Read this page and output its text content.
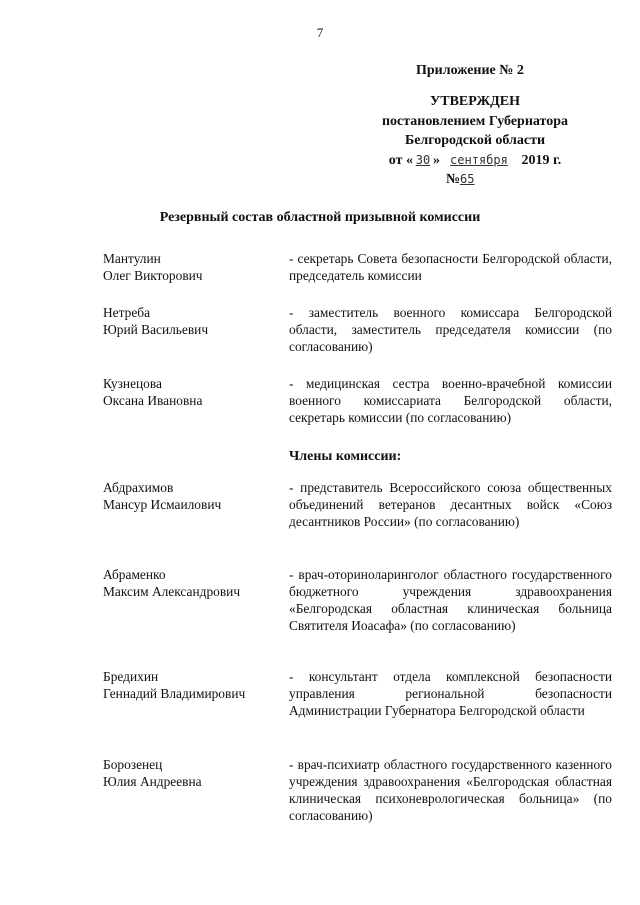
7
Приложение № 2
УТВЕРЖДЕН
постановлением Губернатора
Белгородской области
от « 30 » сентября 2019 г.
№65
Резервный состав областной призывной комиссии
Мантулин
Олег Викторович
- секретарь Совета безопасности Белгородской области, председатель комиссии
Нетреба
Юрий Васильевич
- заместитель военного комиссара Белгородской области, заместитель председателя комиссии (по согласованию)
Кузнецова
Оксана Ивановна
- медицинская сестра военно-врачебной комиссии военного комиссариата Белгородской области, секретарь комиссии (по согласованию)
Члены комиссии:
Абдрахимов
Мансур Исмаилович
- представитель Всероссийского союза общественных объединений ветеранов десантных войск «Союз десантников России» (по согласованию)
Абраменко
Максим Александрович
- врач-оториноларинголог областного государственного бюджетного учреждения здравоохранения «Белгородская областная клиническая больница Святителя Иоасафа» (по согласованию)
Бредихин
Геннадий Владимирович
- консультант отдела комплексной безопасности управления региональной безопасности Администрации Губернатора Белгородской области
Борозенец
Юлия Андреевна
- врач-психиатр областного государственного казенного учреждения здравоохранения «Белгородская областная клиническая психоневрологическая больница» (по согласованию)
